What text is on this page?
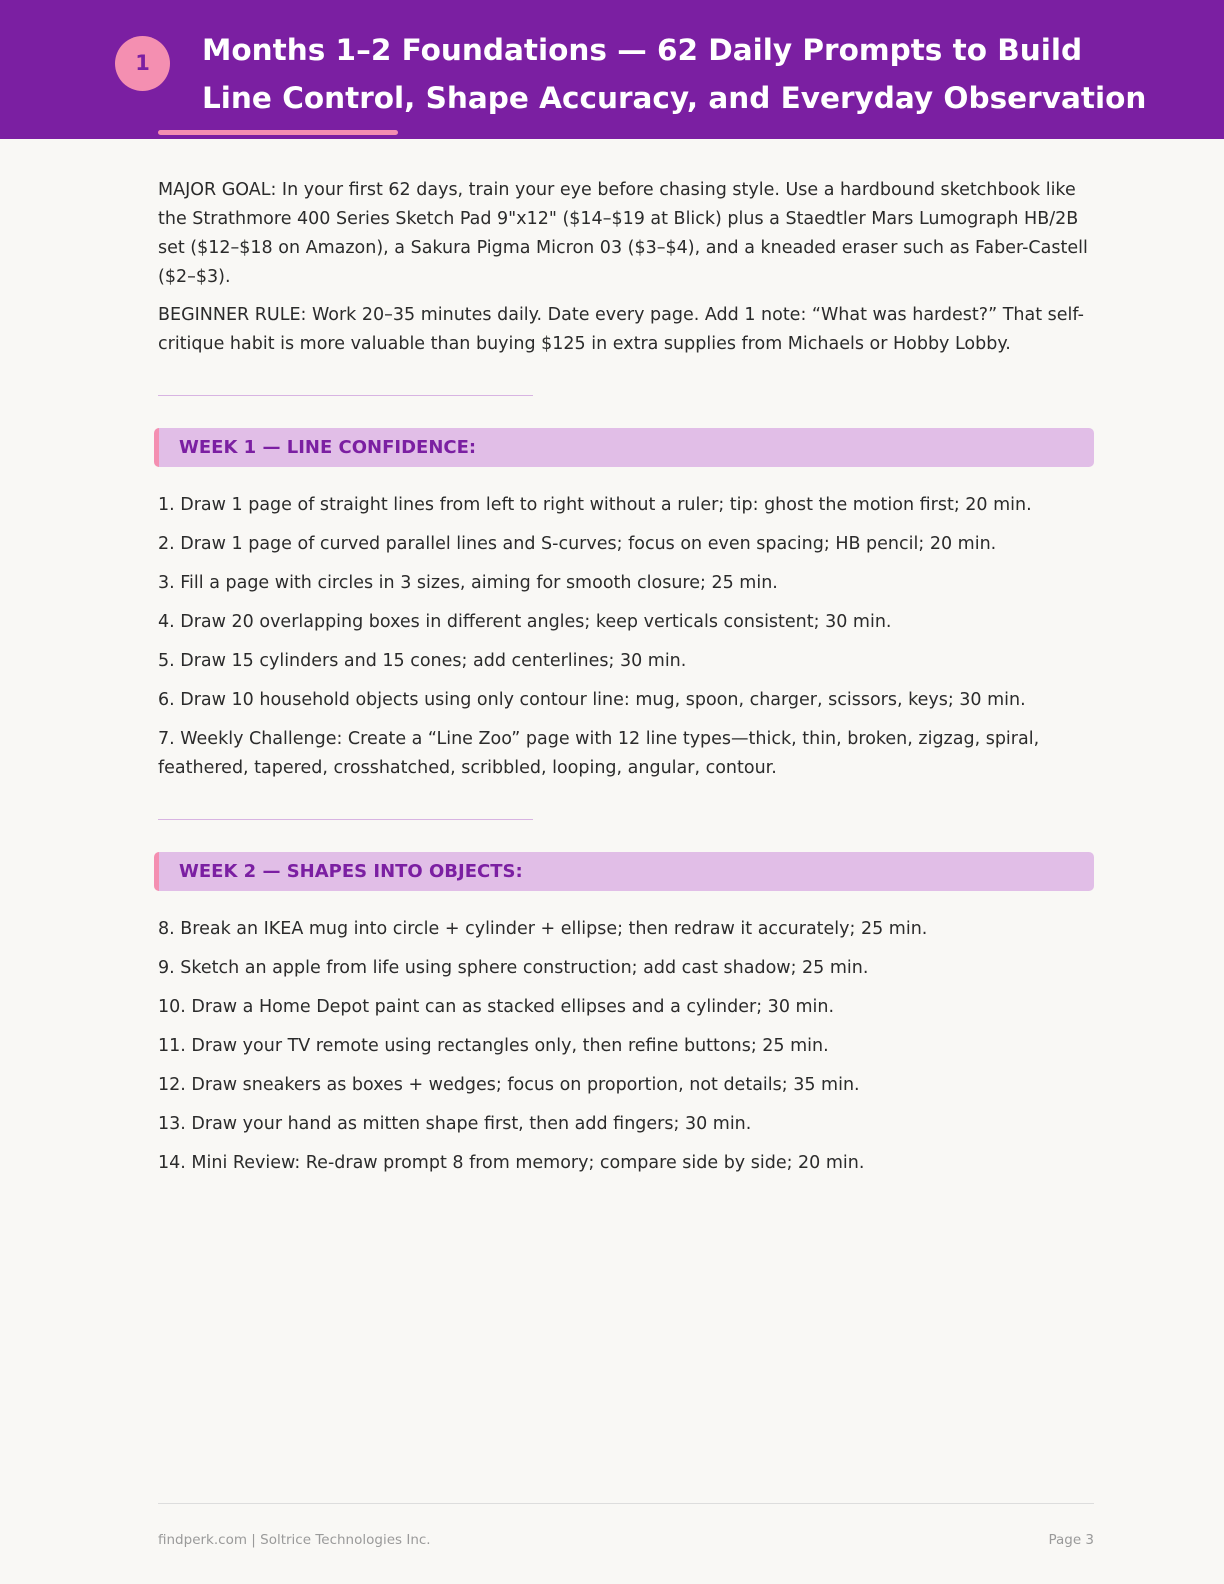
1	Months 1–2 Foundations — 62 Daily Prompts to Build Line Control, Shape Accuracy, and Everyday Observation

MAJOR GOAL: In your first 62 days, train your eye before chasing style. Use a hardbound sketchbook like the Strathmore 400 Series Sketch Pad 9"x12" ($14–$19 at Blick) plus a Staedtler Mars Lumograph HB/2B set ($12–$18 on Amazon), a Sakura Pigma Micron 03 ($3–$4), and a kneaded eraser such as Faber-Castell ($2–$3).

BEGINNER RULE: Work 20–35 minutes daily. Date every page. Add 1 note: “What was hardest?” That self-critique habit is more valuable than buying $125 in extra supplies from Michaels or Hobby Lobby.

WEEK 1 — LINE CONFIDENCE:
1. Draw 1 page of straight lines from left to right without a ruler; tip: ghost the motion first; 20 min.
2. Draw 1 page of curved parallel lines and S-curves; focus on even spacing; HB pencil; 20 min.
3. Fill a page with circles in 3 sizes, aiming for smooth closure; 25 min.
4. Draw 20 overlapping boxes in different angles; keep verticals consistent; 30 min.
5. Draw 15 cylinders and 15 cones; add centerlines; 30 min.
6. Draw 10 household objects using only contour line: mug, spoon, charger, scissors, keys; 30 min.
7. Weekly Challenge: Create a “Line Zoo” page with 12 line types—thick, thin, broken, zigzag, spiral, feathered, tapered, crosshatched, scribbled, looping, angular, contour.
WEEK 2 — SHAPES INTO OBJECTS:
8. Break an IKEA mug into circle + cylinder + ellipse; then redraw it accurately; 25 min.
9. Sketch an apple from life using sphere construction; add cast shadow; 25 min.
10. Draw a Home Depot paint can as stacked ellipses and a cylinder; 30 min.
11. Draw your TV remote using rectangles only, then refine buttons; 25 min.
12. Draw sneakers as boxes + wedges; focus on proportion, not details; 35 min.
13. Draw your hand as mitten shape first, then add fingers; 30 min.
14. Mini Review: Re-draw prompt 8 from memory; compare side by side; 20 min.
findperk.com | Soltrice Technologies Inc.	Page 3
